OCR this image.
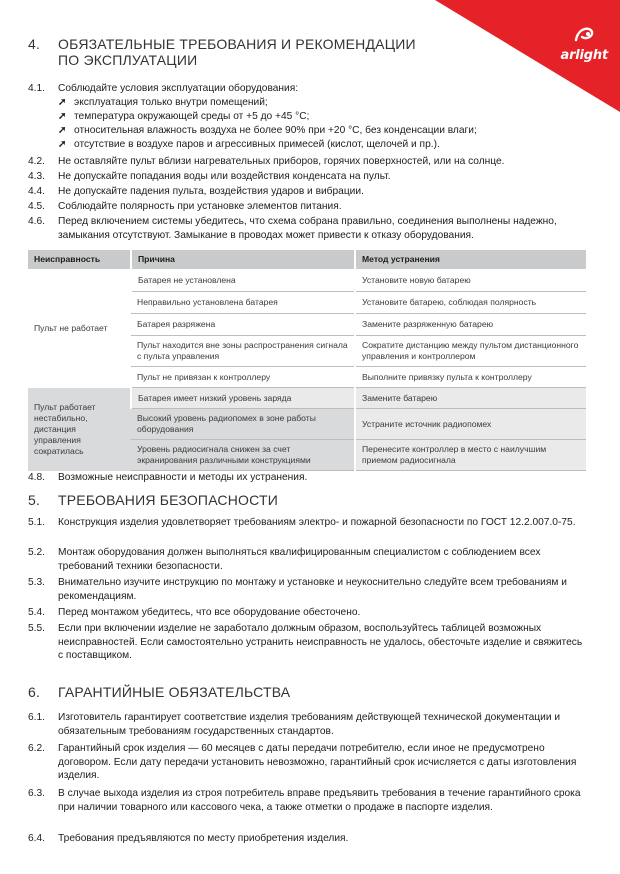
arlight
4. ОБЯЗАТЕЛЬНЫЕ ТРЕБОВАНИЯ И РЕКОМЕНДАЦИИ
ПО ЭКСПЛУАТАЦИИ
4.1. Соблюдайте условия эксплуатации оборудования:
➚ эксплуатация только внутри помещений;
➚ температура окружающей среды от +5 до +45 °С;
➚ относительная влажность воздуха не более 90% при +20 °С, без конденсации влаги;
➚ отсутствие в воздухе паров и агрессивных примесей (кислот, щелочей и пр.).
4.2. Не оставляйте пульт вблизи нагревательных приборов, горячих поверхностей, или на солнце.
4.3. Не допускайте попадания воды или воздействия конденсата на пульт.
4.4. Не допускайте падения пульта, воздействия ударов и вибрации.
4.5. Соблюдайте полярность при установке элементов питания.
4.6. Перед включением системы убедитесь, что схема собрана правильно, соединения выполнены надежно, замыкания отсутствуют. Замыкание в проводах может привести к отказу оборудования.
Неисправность	Причина	Метод устранения
Пульт не работает	Батарея не установлена	Установите новую батарею
	Неправильно установлена батарея	Установите батарею, соблюдая полярность
	Батарея разряжена	Замените разряженную батарею
	Пульт находится вне зоны распространения сигнала с пульта управления	Сократите дистанцию между пультом дистанционного управления и контроллером
	Пульт не привязан к контроллеру	Выполните привязку пульта к контроллеру
Пульт работает нестабильно, дистанция управления сократилась	Батарея имеет низкий уровень заряда	Замените батарею
	Высокий уровень радиопомех в зоне работы оборудования	Устраните источник радиопомех
	Уровень радиосигнала снижен за счет экранирования различными конструкциями	Перенесите контроллер в место с наилучшим приемом радиосигнала
4.8. Возможные неисправности и методы их устранения.
5. ТРЕБОВАНИЯ БЕЗОПАСНОСТИ
5.1. Конструкция изделия удовлетворяет требованиям электро- и пожарной безопасности по ГОСТ 12.2.007.0-75.
5.2. Монтаж оборудования должен выполняться квалифицированным специалистом с соблюдением всех требований техники безопасности.
5.3. Внимательно изучите инструкцию по монтажу и установке и неукоснительно следуйте всем требованиям и рекомендациям.
5.4. Перед монтажом убедитесь, что все оборудование обесточено.
5.5. Если при включении изделие не заработало должным образом, воспользуйтесь таблицей возможных неисправностей. Если самостоятельно устранить неисправность не удалось, обесточьте изделие и свяжитесь с поставщиком.
6. ГАРАНТИЙНЫЕ ОБЯЗАТЕЛЬСТВА
6.1. Изготовитель гарантирует соответствие изделия требованиям действующей технической документации и обязательным требованиям государственных стандартов.
6.2. Гарантийный срок изделия — 60 месяцев с даты передачи потребителю, если иное не предусмотрено договором. Если дату передачи установить невозможно, гарантийный срок исчисляется с даты изготовления изделия.
6.3. В случае выхода изделия из строя потребитель вправе предъявить требования в течение гарантийного срока при наличии товарного или кассового чека, а также отметки о продаже в паспорте изделия.
6.4. Требования предъявляются по месту приобретения изделия.
